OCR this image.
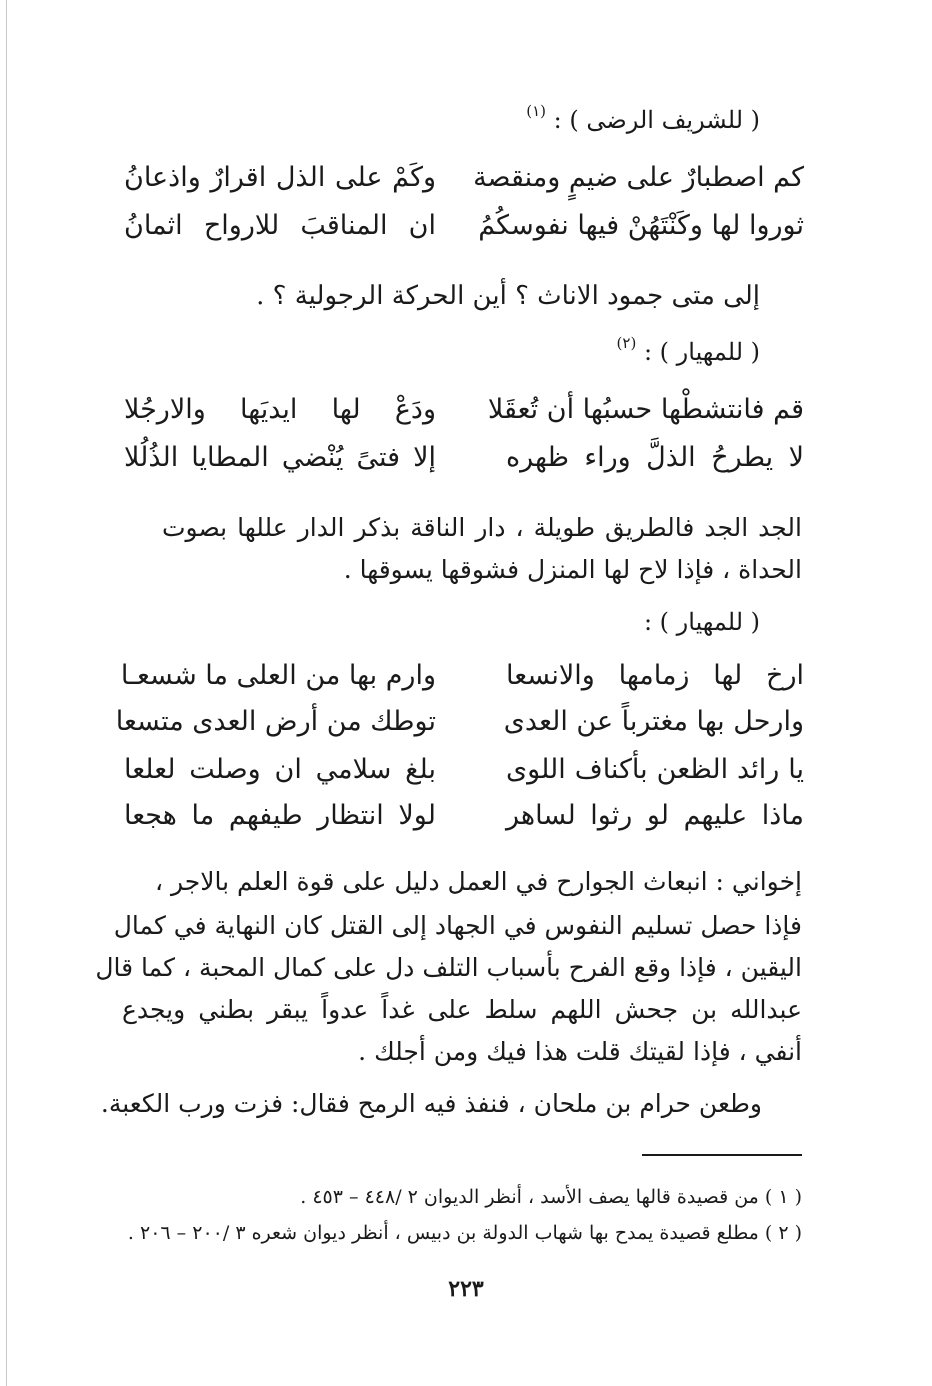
( للشريف الرضى ) : $^{(١)}$
كم اصطبارٌ على ضيمٍ ومنقصة
وكَمْ على الذل اقرارٌ واذعانُ
ثوروا لها وكَنْتَهُنْ فيها نفوسكُمُ
ان المناقبَ للارواح اثمانُ
إلى متى جمود الاناث ؟ أين الحركة الرجولية ؟ .
( للمهيار ) : $^{(٢)}$
قم فانتشطْها حسبُها أن تُعقَلا
ودَعْ لها ايديَها والارجُلا
لا يطرحُ الذلَّ وراء ظهره
إلا فتىً يُنْضي المطايا الذُلُلا
الجد الجد فالطريق طويلة ، دار الناقة بذكر الدار عللها بصوت
الحداة ، فإذا لاح لها المنزل فشوقها يسوقها .
( للمهيار ) :
ارخ لها زمامها والانسعا
وارم بها من العلى ما شسعـا
وارحل بها مغترباً عن العدى
توطك من أرض العدى متسعا
يا رائد الظعن بأكناف اللوى
بلغ سلامي ان وصلت لعلعا
ماذا عليهم لو رثوا لساهر
لولا انتظار طيفهم ما هجعا
إخواني : انبعاث الجوارح في العمل دليل على قوة العلم بالاجر ،
فإذا حصل تسليم النفوس في الجهاد إلى القتل كان النهاية في كمال
اليقين ، فإذا وقع الفرح بأسباب التلف دل على كمال المحبة ، كما قال
عبدالله بن جحش اللهم سلط على غداً عدواً يبقر بطني ويجدع
أنفي ، فإذا لقيتك قلت هذا فيك ومن أجلك .
وطعن حرام بن ملحان ، فنفذ فيه الرمح فقال: فزت ورب الكعبة.
( ١ ) من قصيدة قالها يصف الأسد ، أنظر الديوان ٢ /٤٤٨ – ٤٥٣ .
( ٢ ) مطلع قصيدة يمدح بها شهاب الدولة بن دبيس ، أنظر ديوان شعره ٣ /٢٠٠ – ٢٠٦ .
٢٢٣
